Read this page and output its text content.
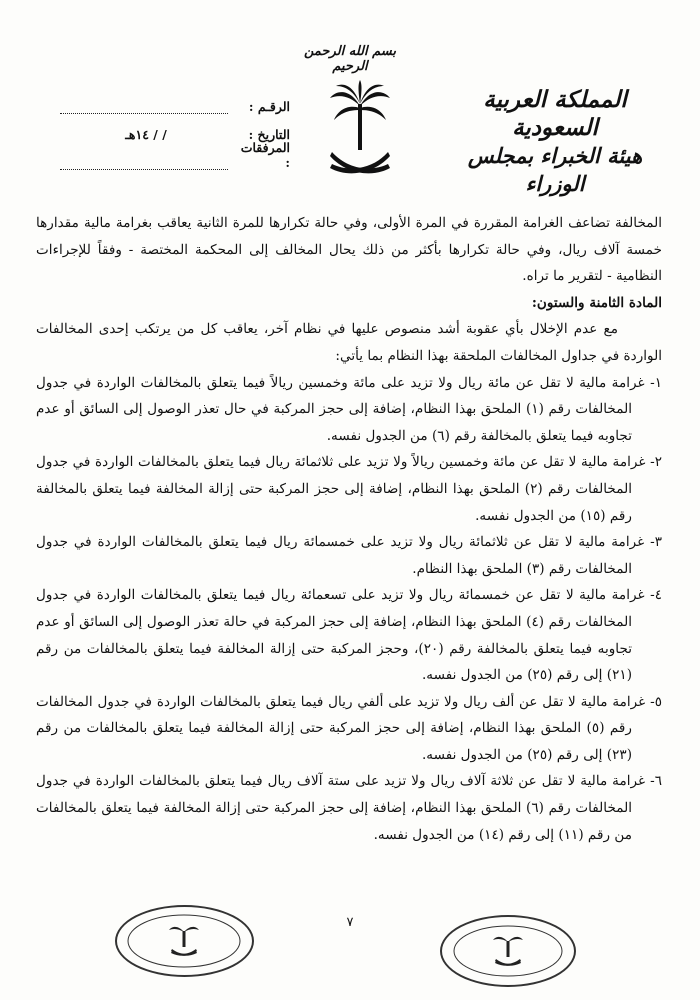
بسم الله الرحمن الرحيم
المملكة العربية السعودية
هيئة الخبراء بمجلس الوزراء
الرقـم :
التاريخ :
/ / ١٤هـ
المرفقات :

المخالفة تضاعف الغرامة المقررة في المرة الأولى، وفي حالة تكرارها للمرة الثانية يعاقب بغرامة مالية مقدارها خمسة آلاف ريال، وفي حالة تكرارها بأكثر من ذلك يحال المخالف إلى المحكمة المختصة - وفقاً للإجراءات النظامية - لتقرير ما تراه.

المادة الثامنة والستون:

مع عدم الإخلال بأي عقوبة أشد منصوص عليها في نظام آخر، يعاقب كل من يرتكب إحدى المخالفات الواردة في جداول المخالفات الملحقة بهذا النظام بما يأتي:

١- غرامة مالية لا تقل عن مائة ريال ولا تزيد على مائة وخمسين ريالاً فيما يتعلق بالمخالفات الواردة في جدول المخالفات رقم (١) الملحق بهذا النظام، إضافة إلى حجز المركبة في حال تعذر الوصول إلى السائق أو عدم تجاوبه فيما يتعلق بالمخالفة رقم (٦) من الجدول نفسه.

٢- غرامة مالية لا تقل عن مائة وخمسين ريالاً ولا تزيد على ثلاثمائة ريال فيما يتعلق بالمخالفات الواردة في جدول المخالفات رقم (٢) الملحق بهذا النظام، إضافة إلى حجز المركبة حتى إزالة المخالفة فيما يتعلق بالمخالفة رقم (١٥) من الجدول نفسه.

٣- غرامة مالية لا تقل عن ثلاثمائة ريال ولا تزيد على خمسمائة ريال فيما يتعلق بالمخالفات الواردة في جدول المخالفات رقم (٣) الملحق بهذا النظام.

٤- غرامة مالية لا تقل عن خمسمائة ريال ولا تزيد على تسعمائة ريال فيما يتعلق بالمخالفات الواردة في جدول المخالفات رقم (٤) الملحق بهذا النظام، إضافة إلى حجز المركبة في حالة تعذر الوصول إلى السائق أو عدم تجاوبه فيما يتعلق بالمخالفة رقم (٢٠)، وحجز المركبة حتى إزالة المخالفة فيما يتعلق بالمخالفات من رقم (٢١) إلى رقم (٢٥) من الجدول نفسه.

٥- غرامة مالية لا تقل عن ألف ريال ولا تزيد على ألفي ريال فيما يتعلق بالمخالفات الواردة في جدول المخالفات رقم (٥) الملحق بهذا النظام، إضافة إلى حجز المركبة حتى إزالة المخالفة فيما يتعلق بالمخالفات من رقم (٢٣) إلى رقم (٢٥) من الجدول نفسه.

٦- غرامة مالية لا تقل عن ثلاثة آلاف ريال ولا تزيد على ستة آلاف ريال فيما يتعلق بالمخالفات الواردة في جدول المخالفات رقم (٦) الملحق بهذا النظام، إضافة إلى حجز المركبة حتى إزالة المخالفة فيما يتعلق بالمخالفات من رقم (١١) إلى رقم (١٤) من الجدول نفسه.

٧
